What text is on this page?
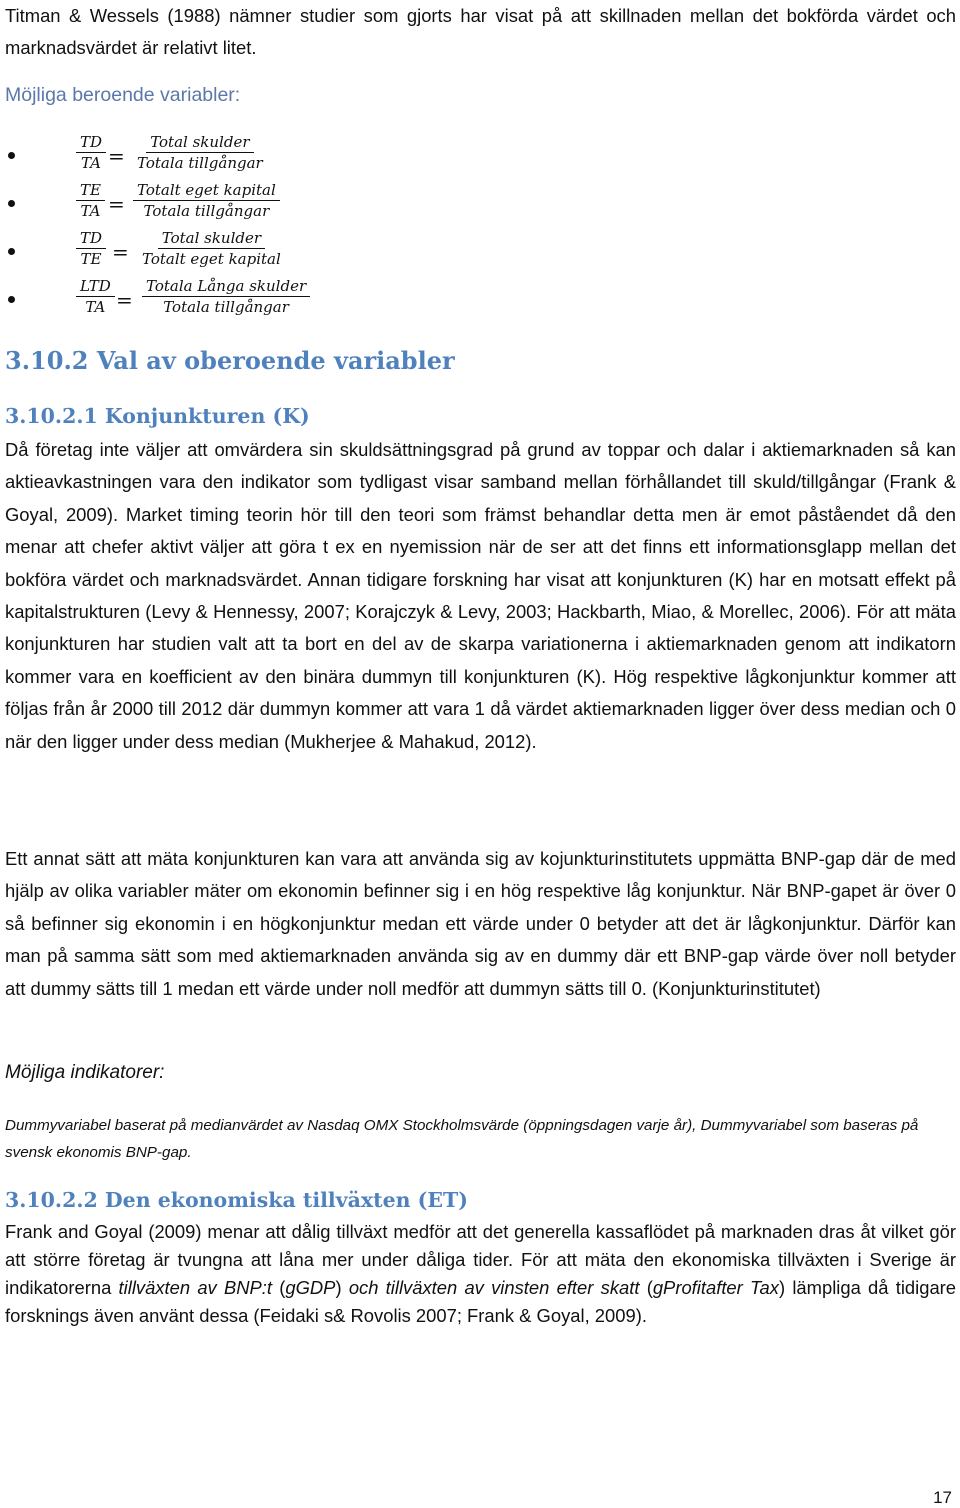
Titman & Wessels (1988) nämner studier som gjorts har visat på att skillnaden mellan det bokförda värdet och marknadsvärdet är relativt litet.

Möjliga beroende variabler:

$\frac{TD}{TA} = \frac{\text{Total skulder}}{\text{Totala tillgångar}}$
$\frac{TE}{TA} = \frac{\text{Totalt eget kapital}}{\text{Totala tillgångar}}$
$\frac{TD}{TE} = \frac{\text{Total skulder}}{\text{Totalt eget kapital}}$
$\frac{\text{LTD}}{TA} = \frac{\text{Totala Långa skulder}}{\text{Totala tillgångar}}$
3.10.2 Val av oberoende variabler
3.10.2.1 Konjunkturen (K)

Då företag inte väljer att omvärdera sin skuldsättningsgrad på grund av toppar och dalar i aktiemarknaden så kan aktieavkastningen vara den indikator som tydligast visar samband mellan förhållandet till skuld/tillgångar (Frank & Goyal, 2009). Market timing teorin hör till den teori som främst behandlar detta men är emot påståendet då den menar att chefer aktivt väljer att göra t ex en nyemission när de ser att det finns ett informationsglapp mellan det bokföra värdet och marknadsvärdet. Annan tidigare forskning har visat att konjunkturen (K) har en motsatt effekt på kapitalstrukturen (Levy & Hennessy, 2007; Korajczyk & Levy, 2003; Hackbarth, Miao, & Morellec, 2006). För att mäta konjunkturen har studien valt att ta bort en del av de skarpa variationerna i aktiemarknaden genom att indikatorn kommer vara en koefficient av den binära dummyn till konjunkturen (K). Hög respektive lågkonjunktur kommer att följas från år 2000 till 2012 där dummyn kommer att vara 1 då värdet aktiemarknaden ligger över dess median och 0 när den ligger under dess median (Mukherjee & Mahakud, 2012).

Ett annat sätt att mäta konjunkturen kan vara att använda sig av kojunkturinstitutets uppmätta BNP-gap där de med hjälp av olika variabler mäter om ekonomin befinner sig i en hög respektive låg konjunktur. När BNP-gapet är över 0 så befinner sig ekonomin i en högkonjunktur medan ett värde under 0 betyder att det är lågkonjunktur. Därför kan man på samma sätt som med aktiemarknaden använda sig av en dummy där ett BNP-gap värde över noll betyder att dummy sätts till 1 medan ett värde under noll medför att dummyn sätts till 0. (Konjunkturinstitutet)

Möjliga indikatorer:

Dummyvariabel baserat på medianvärdet av Nasdaq OMX Stockholmsvärde (öppningsdagen varje år), Dummyvariabel som baseras på svensk ekonomis BNP-gap.

3.10.2.2 Den ekonomiska tillväxten (ET)

Frank and Goyal (2009) menar att dålig tillväxt medför att det generella kassaflödet på marknaden dras åt vilket gör att större företag är tvungna att låna mer under dåliga tider. För att mäta den ekonomiska tillväxten i Sverige är indikatorerna tillväxten av BNP:t (gGDP) och tillväxten av vinsten efter skatt (gProfitafter Tax) lämpliga då tidigare forsknings även använt dessa (Feidaki s& Rovolis 2007; Frank & Goyal, 2009).

17
